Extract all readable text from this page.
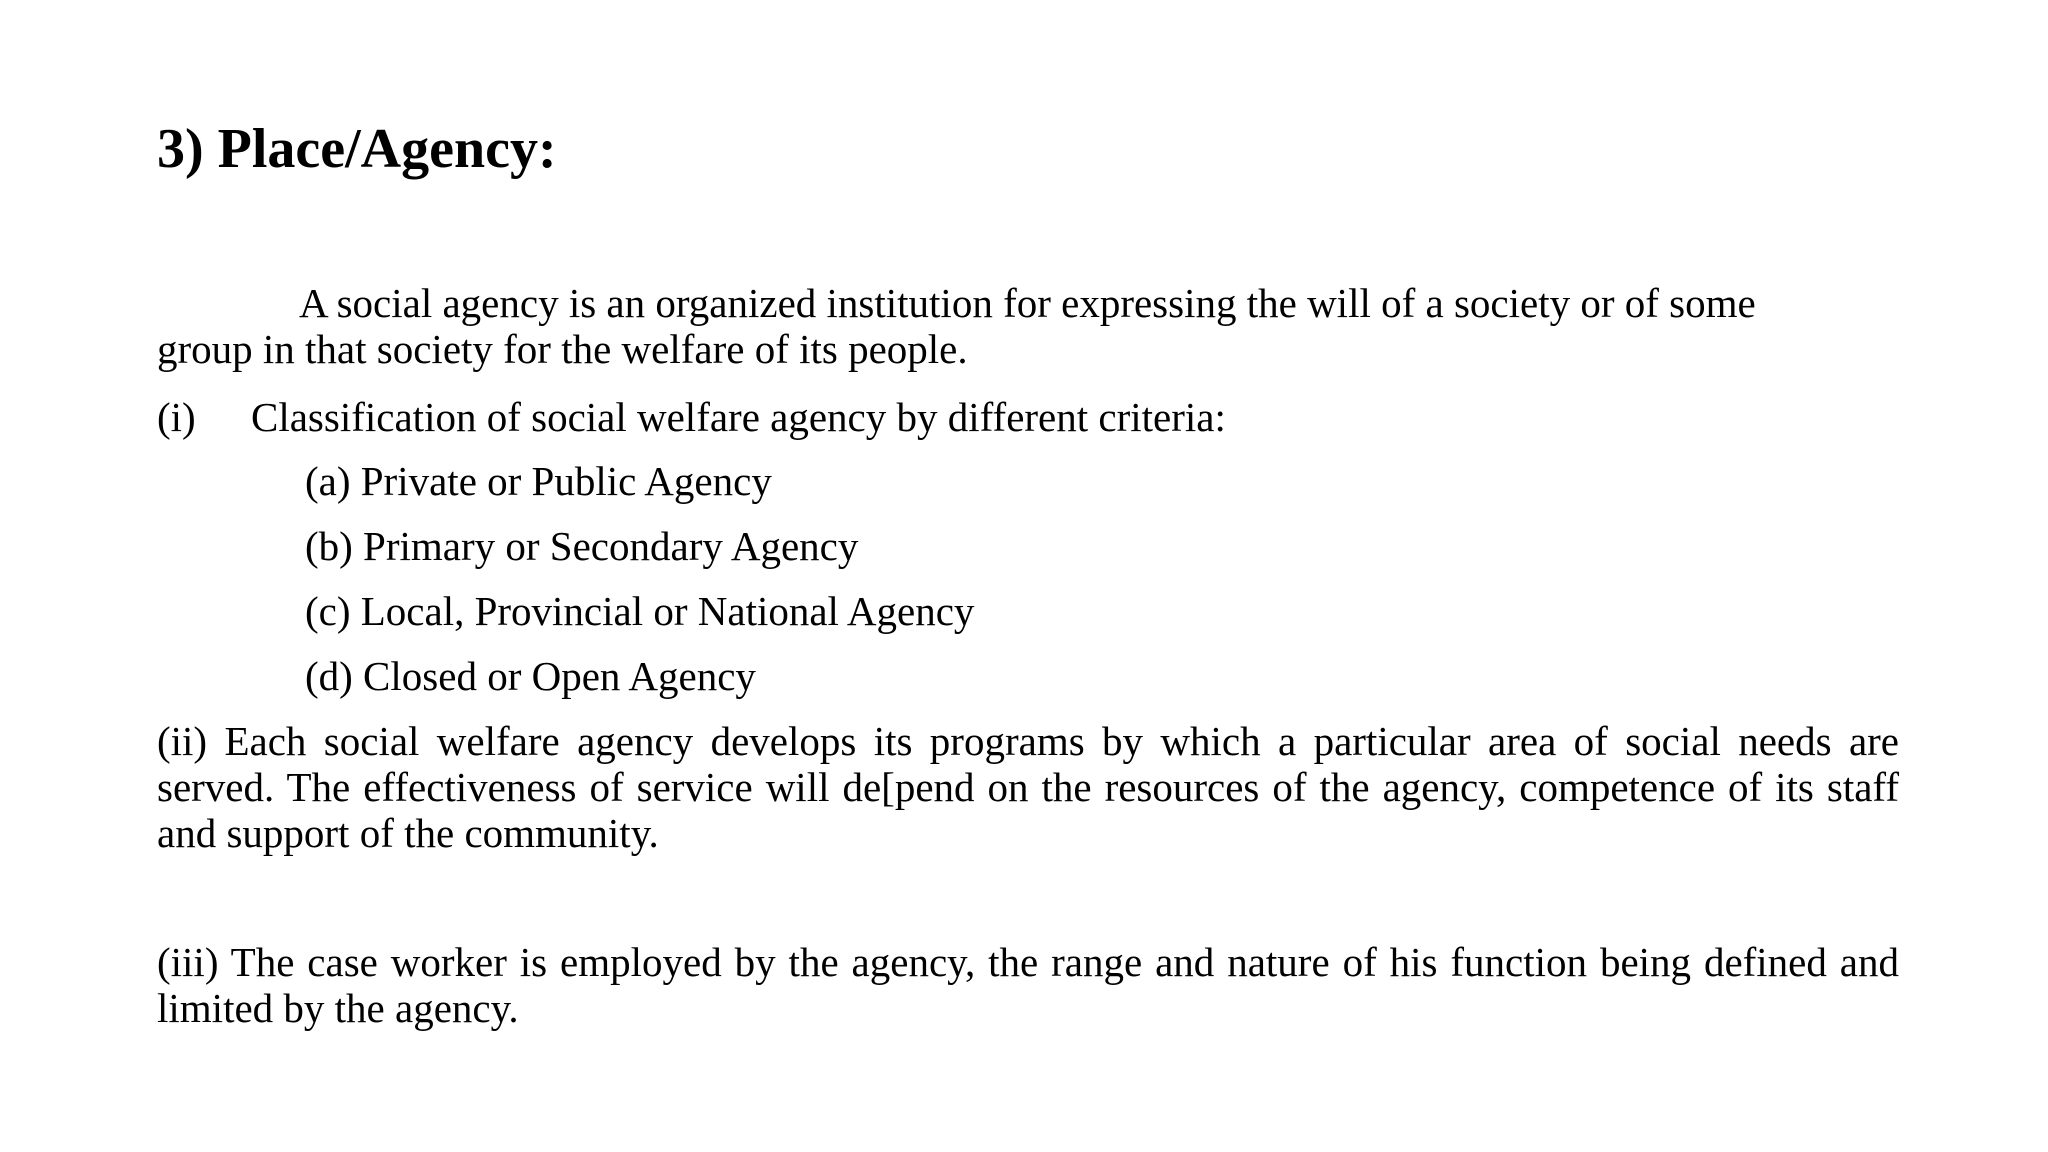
3) Place/Agency:
A social agency is an organized institution for expressing the will of a society or of some group in that society for the welfare of its people.
(i) Classification of social welfare agency by different criteria:
(a) Private or Public Agency
(b) Primary or Secondary Agency
(c) Local, Provincial or National Agency
(d) Closed or Open Agency
(ii) Each social welfare agency develops its programs by which a particular area of social needs are served. The effectiveness of service will de[pend on the resources of the agency, competence of its staff and support of the community.
(iii) The case worker is employed by the agency, the range and nature of his function being defined and limited by the agency.
